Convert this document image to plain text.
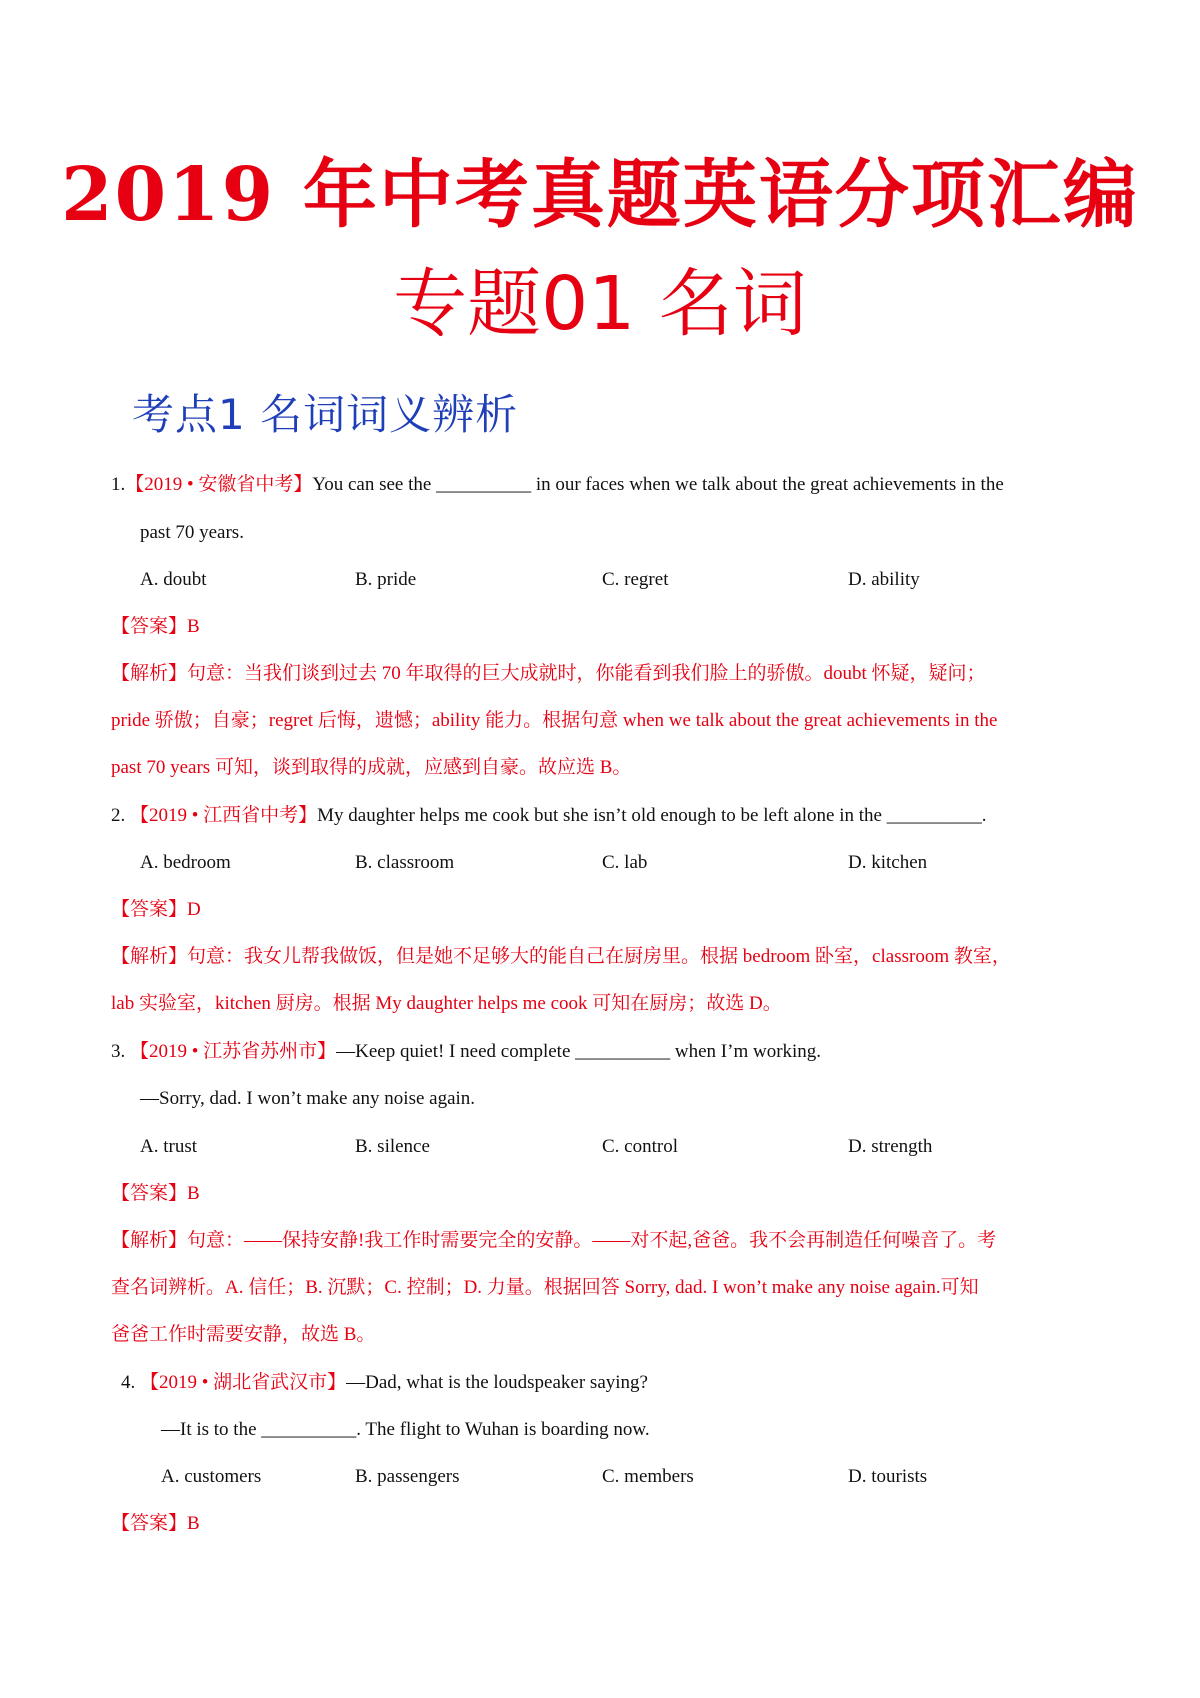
2019 年中考真题英语分项汇编
专题01 名词
考点1 名词词义辨析
1.【2019 • 安徽省中考】You can see the __________ in our faces when we talk about the great achievements in the
past 70 years.
A. doubt	B. pride	C. regret	D. ability
【答案】B
【解析】句意：当我们谈到过去 70 年取得的巨大成就时，你能看到我们脸上的骄傲。doubt 怀疑，疑问；
pride 骄傲；自豪；regret 后悔，遗憾；ability 能力。根据句意 when we talk about the great achievements in the
past 70 years 可知，谈到取得的成就，应感到自豪。故应选 B。
2. 【2019 • 江西省中考】My daughter helps me cook but she isn’t old enough to be left alone in the __________.
A. bedroom	B. classroom	C. lab	D. kitchen
【答案】D
【解析】句意：我女儿帮我做饭，但是她不足够大的能自己在厨房里。根据 bedroom 卧室，classroom 教室，
lab 实验室，kitchen 厨房。根据 My daughter helps me cook 可知在厨房；故选 D。
3. 【2019 • 江苏省苏州市】—Keep quiet! I need complete __________ when I’m working.
—Sorry, dad. I won’t make any noise again.
A. trust	B. silence	C. control	D. strength
【答案】B
【解析】句意：——保持安静!我工作时需要完全的安静。——对不起,爸爸。我不会再制造任何噪音了。考
查名词辨析。A. 信任；B. 沉默；C. 控制；D. 力量。根据回答 Sorry, dad. I won’t make any noise again.可知
爸爸工作时需要安静，故选 B。
4. 【2019 • 湖北省武汉市】—Dad, what is the loudspeaker saying?
—It is to the __________. The flight to Wuhan is boarding now.
A. customers	B. passengers	C. members	D. tourists
【答案】B
